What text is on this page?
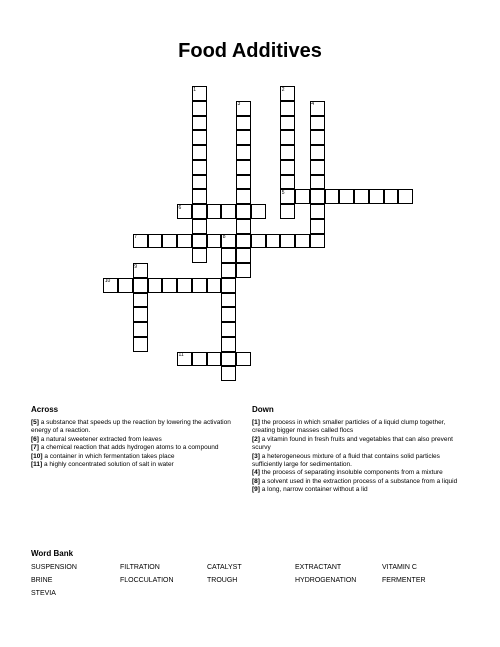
Food Additives
1	2
3	4
5
6
7	8
9
10
11
Across
[5] a substance that speeds up the reaction by lowering the activation energy of a reaction.
[6] a natural sweetener extracted from leaves
[7] a chemical reaction that adds hydrogen atoms to a compound
[10] a container in which fermentation takes place
[11] a highly concentrated solution of salt in water
Down
[1] the process in which smaller particles of a liquid clump together, creating bigger masses called flocs
[2] a vitamin found in fresh fruits and vegetables that can also prevent scurvy
[3] a heterogeneous mixture of a fluid that contains solid particles sufficiently large for sedimentation.
[4] the process of separating insoluble components from a mixture
[8] a solvent used in the extraction process of a substance from a liquid
[9] a long, narrow container without a lid
Word Bank
SUSPENSION	FILTRATION	CATALYST	EXTRACTANT	VITAMIN C
BRINE	FLOCCULATION	TROUGH	HYDROGENATION	FERMENTER
STEVIA
